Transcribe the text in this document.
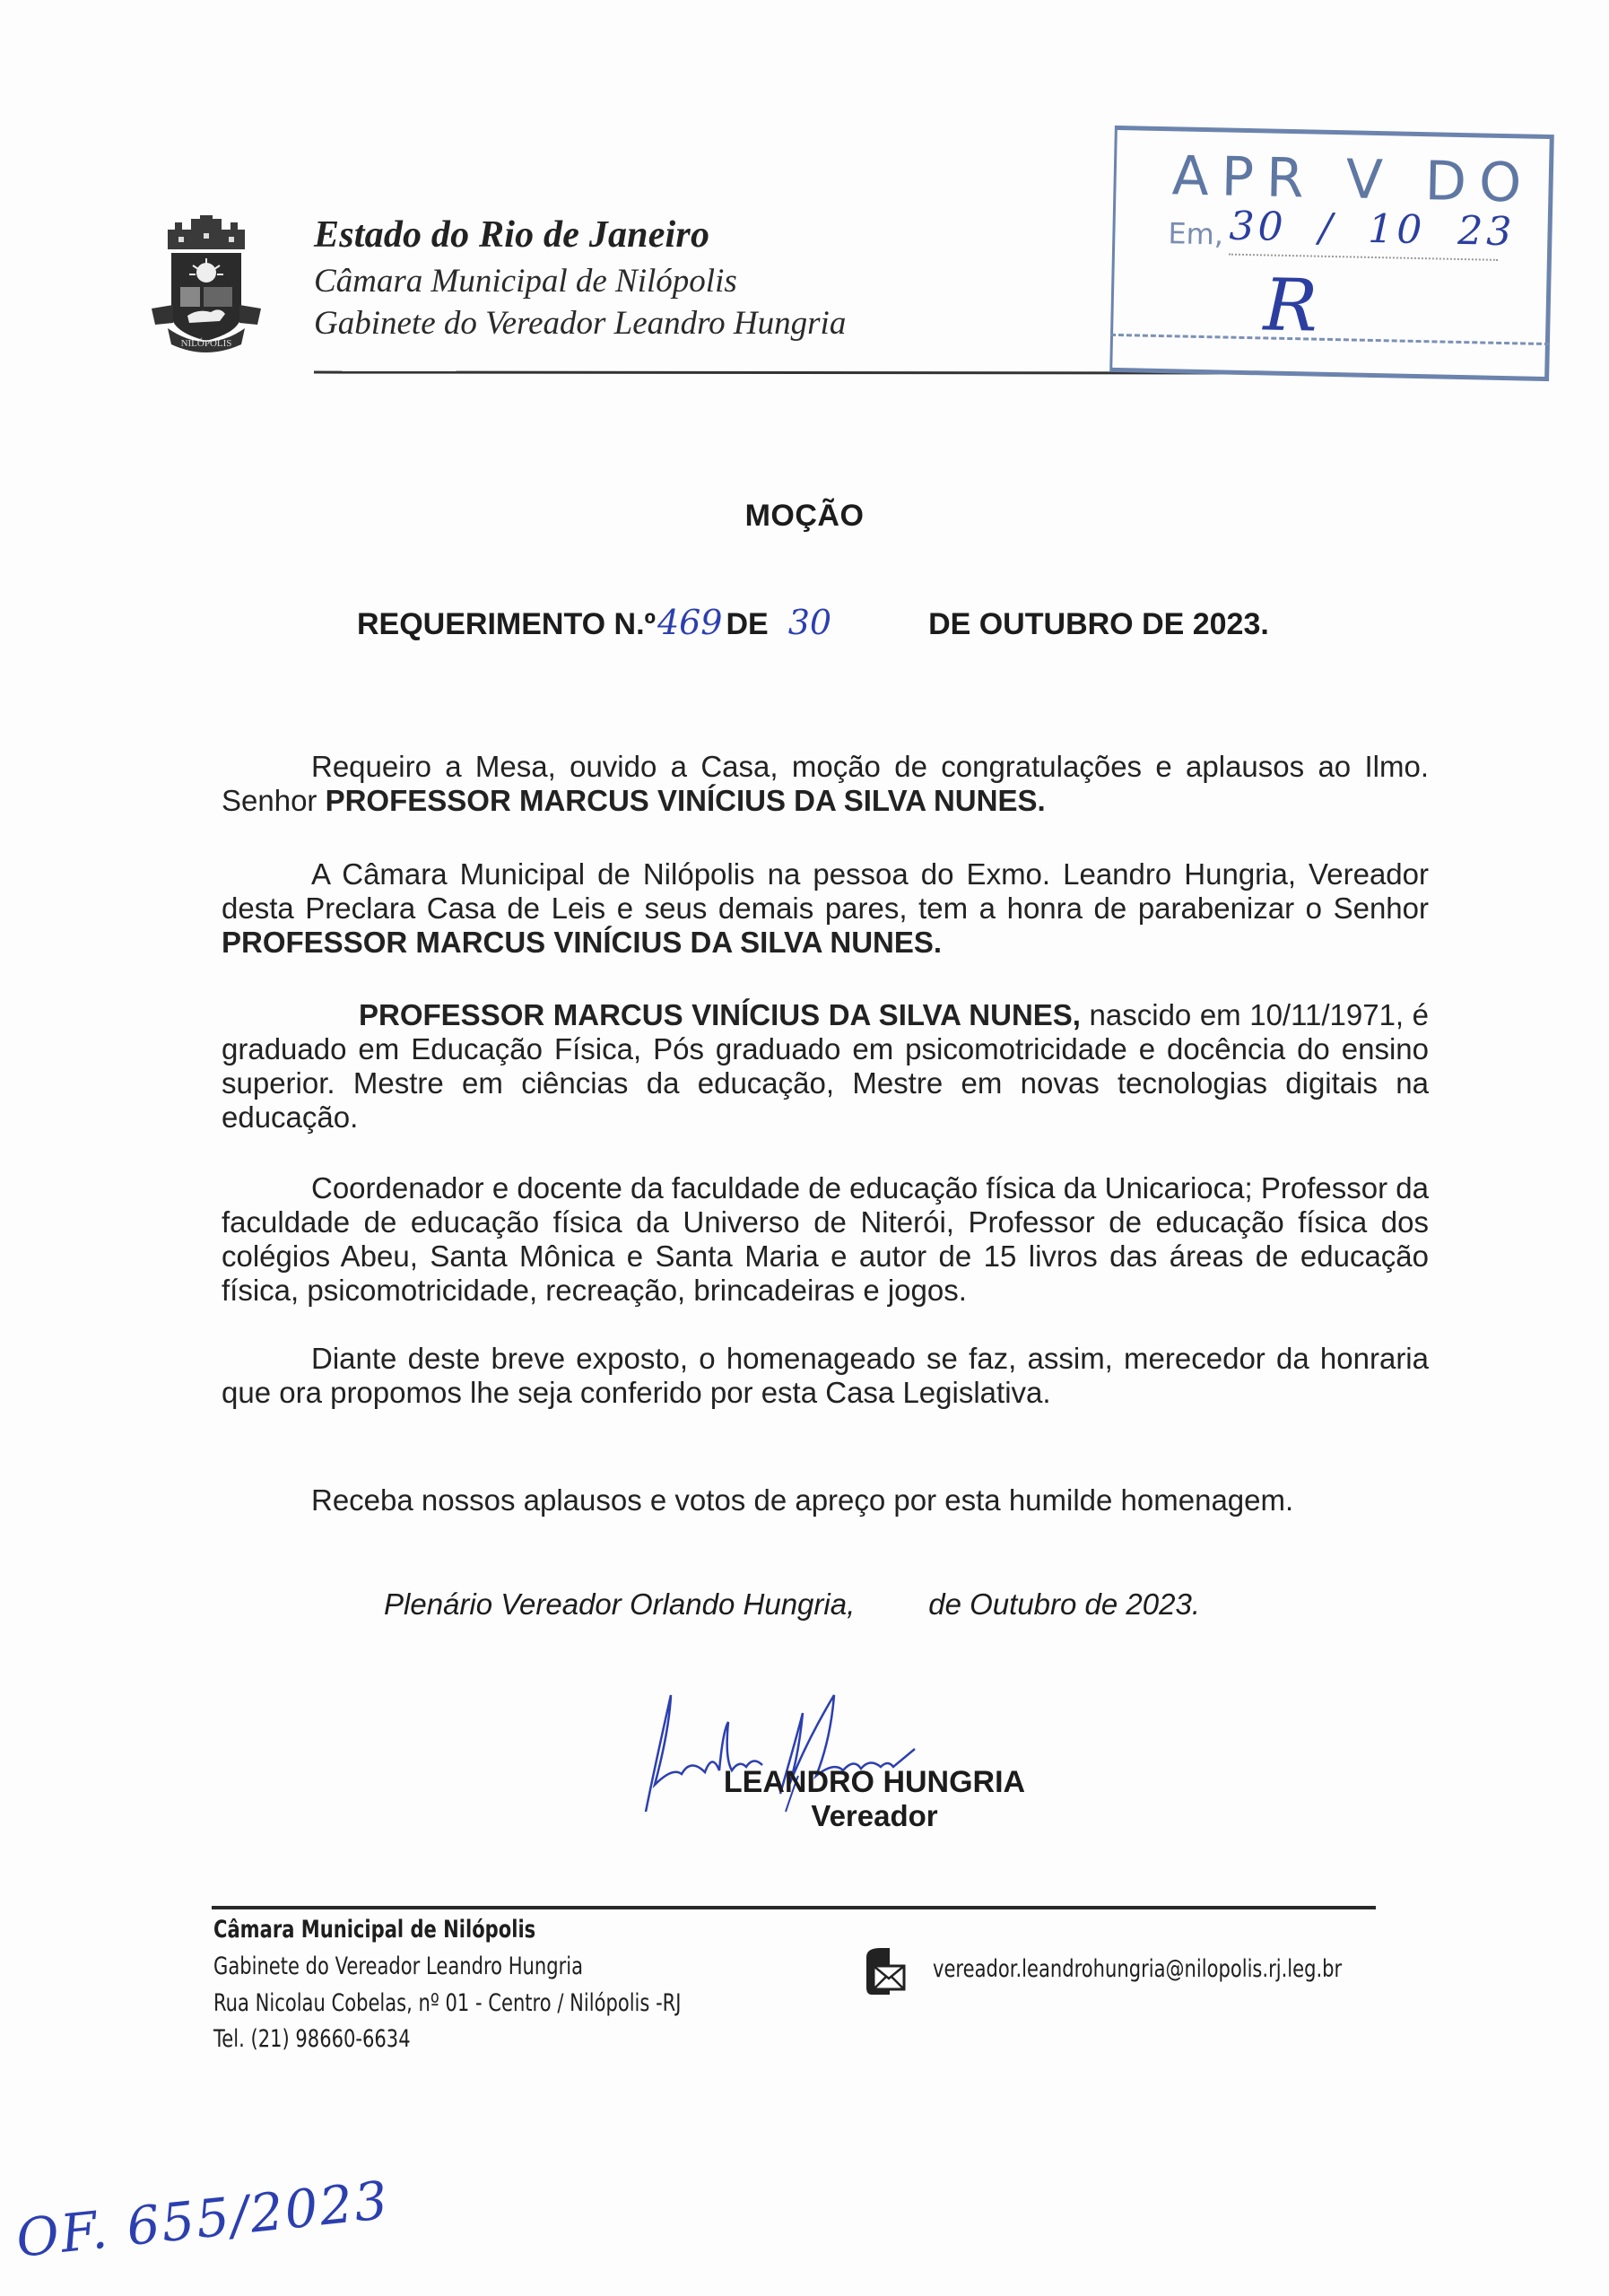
NILÓPOLIS
Estado do Rio de Janeiro
Câmara Municipal de Nilópolis
Gabinete do Vereador Leandro Hungria
APR V DO
Em, 30 / 10 23
R
MOÇÃO
REQUERIMENTO N.º469 DE 30	DE OUTUBRO DE 2023.
Requeiro a Mesa, ouvido a Casa, moção de congratulações e aplausos ao Ilmo. Senhor PROFESSOR MARCUS VINÍCIUS DA SILVA NUNES.
A Câmara Municipal de Nilópolis na pessoa do Exmo. Leandro Hungria, Vereador desta Preclara Casa de Leis e seus demais pares, tem a honra de parabenizar o Senhor PROFESSOR MARCUS VINÍCIUS DA SILVA NUNES.
PROFESSOR MARCUS VINÍCIUS DA SILVA NUNES, nascido em 10/11/1971, é graduado em Educação Física, Pós graduado em psicomotricidade e docência do ensino superior. Mestre em ciências da educação, Mestre em novas tecnologias digitais na educação.
Coordenador e docente da faculdade de educação física da Unicarioca; Professor da faculdade de educação física da Universo de Niterói, Professor de educação física dos colégios Abeu, Santa Mônica e Santa Maria e autor de 15 livros das áreas de educação física, psicomotricidade, recreação, brincadeiras e jogos.
Diante deste breve exposto, o homenageado se faz, assim, merecedor da honraria que ora propomos lhe seja conferido por esta Casa Legislativa.
Receba nossos aplausos e votos de apreço por esta humilde homenagem.
Plenário Vereador Orlando Hungria, de Outubro de 2023.
LEANDRO HUNGRIA
Vereador
Câmara Municipal de Nilópolis
Gabinete do Vereador Leandro Hungria
Rua Nicolau Cobelas, nº 01 - Centro / Nilópolis -RJ
Tel. (21) 98660-6634
vereador.leandrohungria@nilopolis.rj.leg.br
OF. 655/2023
